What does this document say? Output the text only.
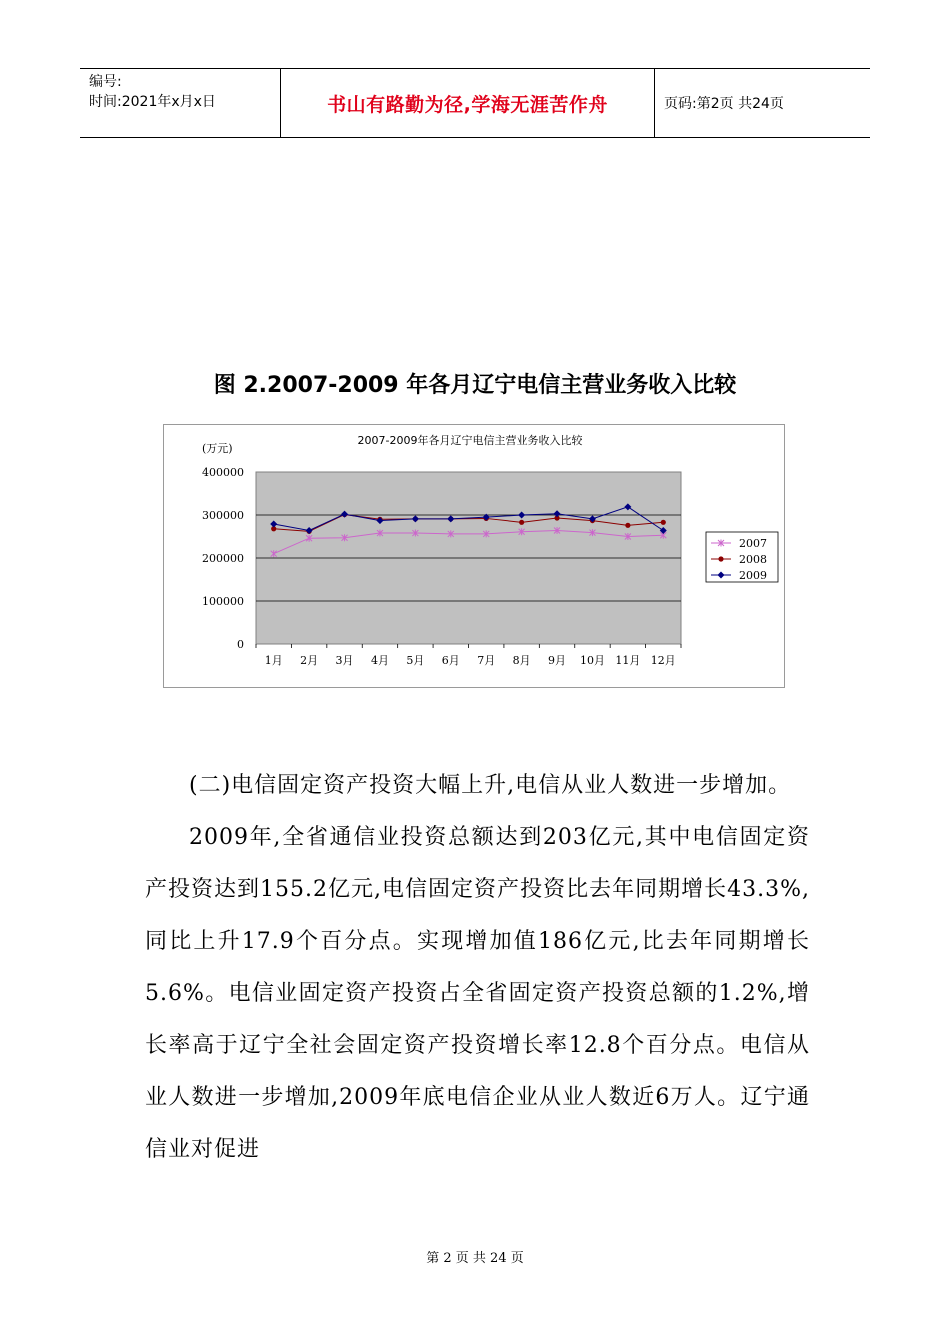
编号:
时间:2021年x月x日	书山有路勤为径,学海无涯苦作舟	页码:第2页 共24页
图 2.2007-2009 年各月辽宁电信主营业务收入比较
2007-2009年各月辽宁电信主营业务收入比较
(万元)
0
100000
200000
300000
400000
1月 2月 3月 4月 5月 6月 7月 8月 9月 10月 11月 12月
2007
2008
2009

(二)电信固定资产投资大幅上升,电信从业人数进一步增加。

2009年,全省通信业投资总额达到203亿元,其中电信固定资产投资达到155.2亿元,电信固定资产投资比去年同期增长43.3%,同比上升17.9个百分点。实现增加值186亿元,比去年同期增长5.6%。电信业固定资产投资占全省固定资产投资总额的1.2%,增长率高于辽宁全社会固定资产投资增长率12.8个百分点。电信从业人数进一步增加,2009年底电信企业从业人数近6万人。辽宁通信业对促进

第 2 页 共 24 页
